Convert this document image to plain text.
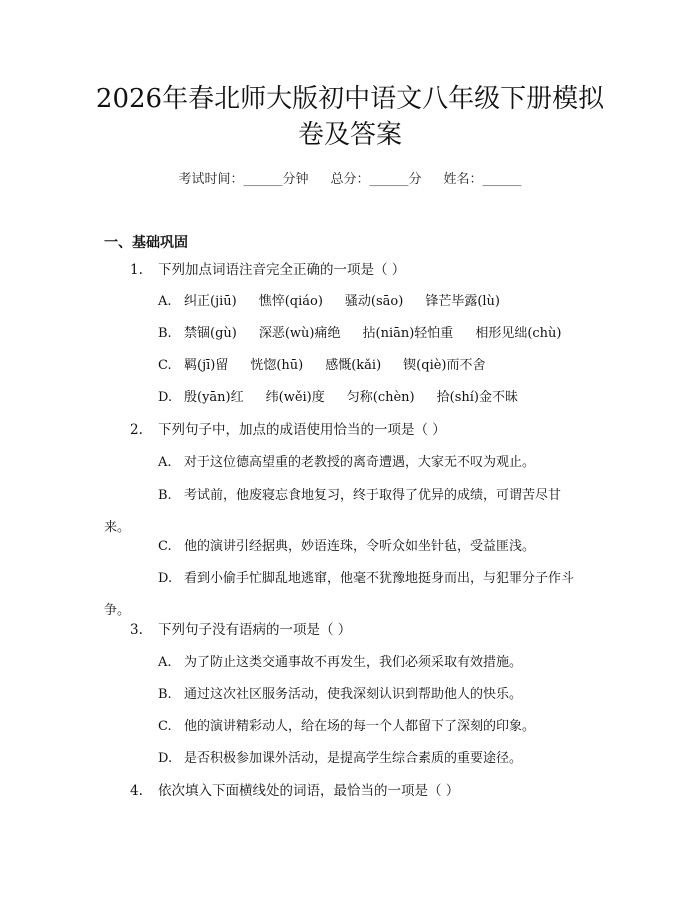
2026年春北师大版初中语文八年级下册模拟
卷及答案
考试时间：______分钟 总分：______分 姓名：______
一、基础巩固
1. 下列加点词语注音完全正确的一项是（ ）
A. 纠正(jiū) 憔悴(qiáo) 骚动(sāo) 锋芒毕露(lù)
B. 禁锢(gù) 深恶(wù)痛绝 拈(niān)轻怕重 相形见绌(chù)
C. 羁(jī)留 恍惚(hū) 感慨(kǎi) 锲(qiè)而不舍
D. 殷(yān)红 纬(wěi)度 匀称(chèn) 拾(shí)金不昧
2. 下列句子中，加点的成语使用恰当的一项是（ ）
A. 对于这位德高望重的老教授的离奇遭遇，大家无不叹为观止。
B. 考试前，他废寝忘食地复习，终于取得了优异的成绩，可谓苦尽甘
来。
C. 他的演讲引经据典，妙语连珠，令听众如坐针毡，受益匪浅。
D. 看到小偷手忙脚乱地逃窜，他毫不犹豫地挺身而出，与犯罪分子作斗
争。
3. 下列句子没有语病的一项是（ ）
A. 为了防止这类交通事故不再发生，我们必须采取有效措施。
B. 通过这次社区服务活动，使我深刻认识到帮助他人的快乐。
C. 他的演讲精彩动人，给在场的每一个人都留下了深刻的印象。
D. 是否积极参加课外活动，是提高学生综合素质的重要途径。
4. 依次填入下面横线处的词语，最恰当的一项是（ ）
